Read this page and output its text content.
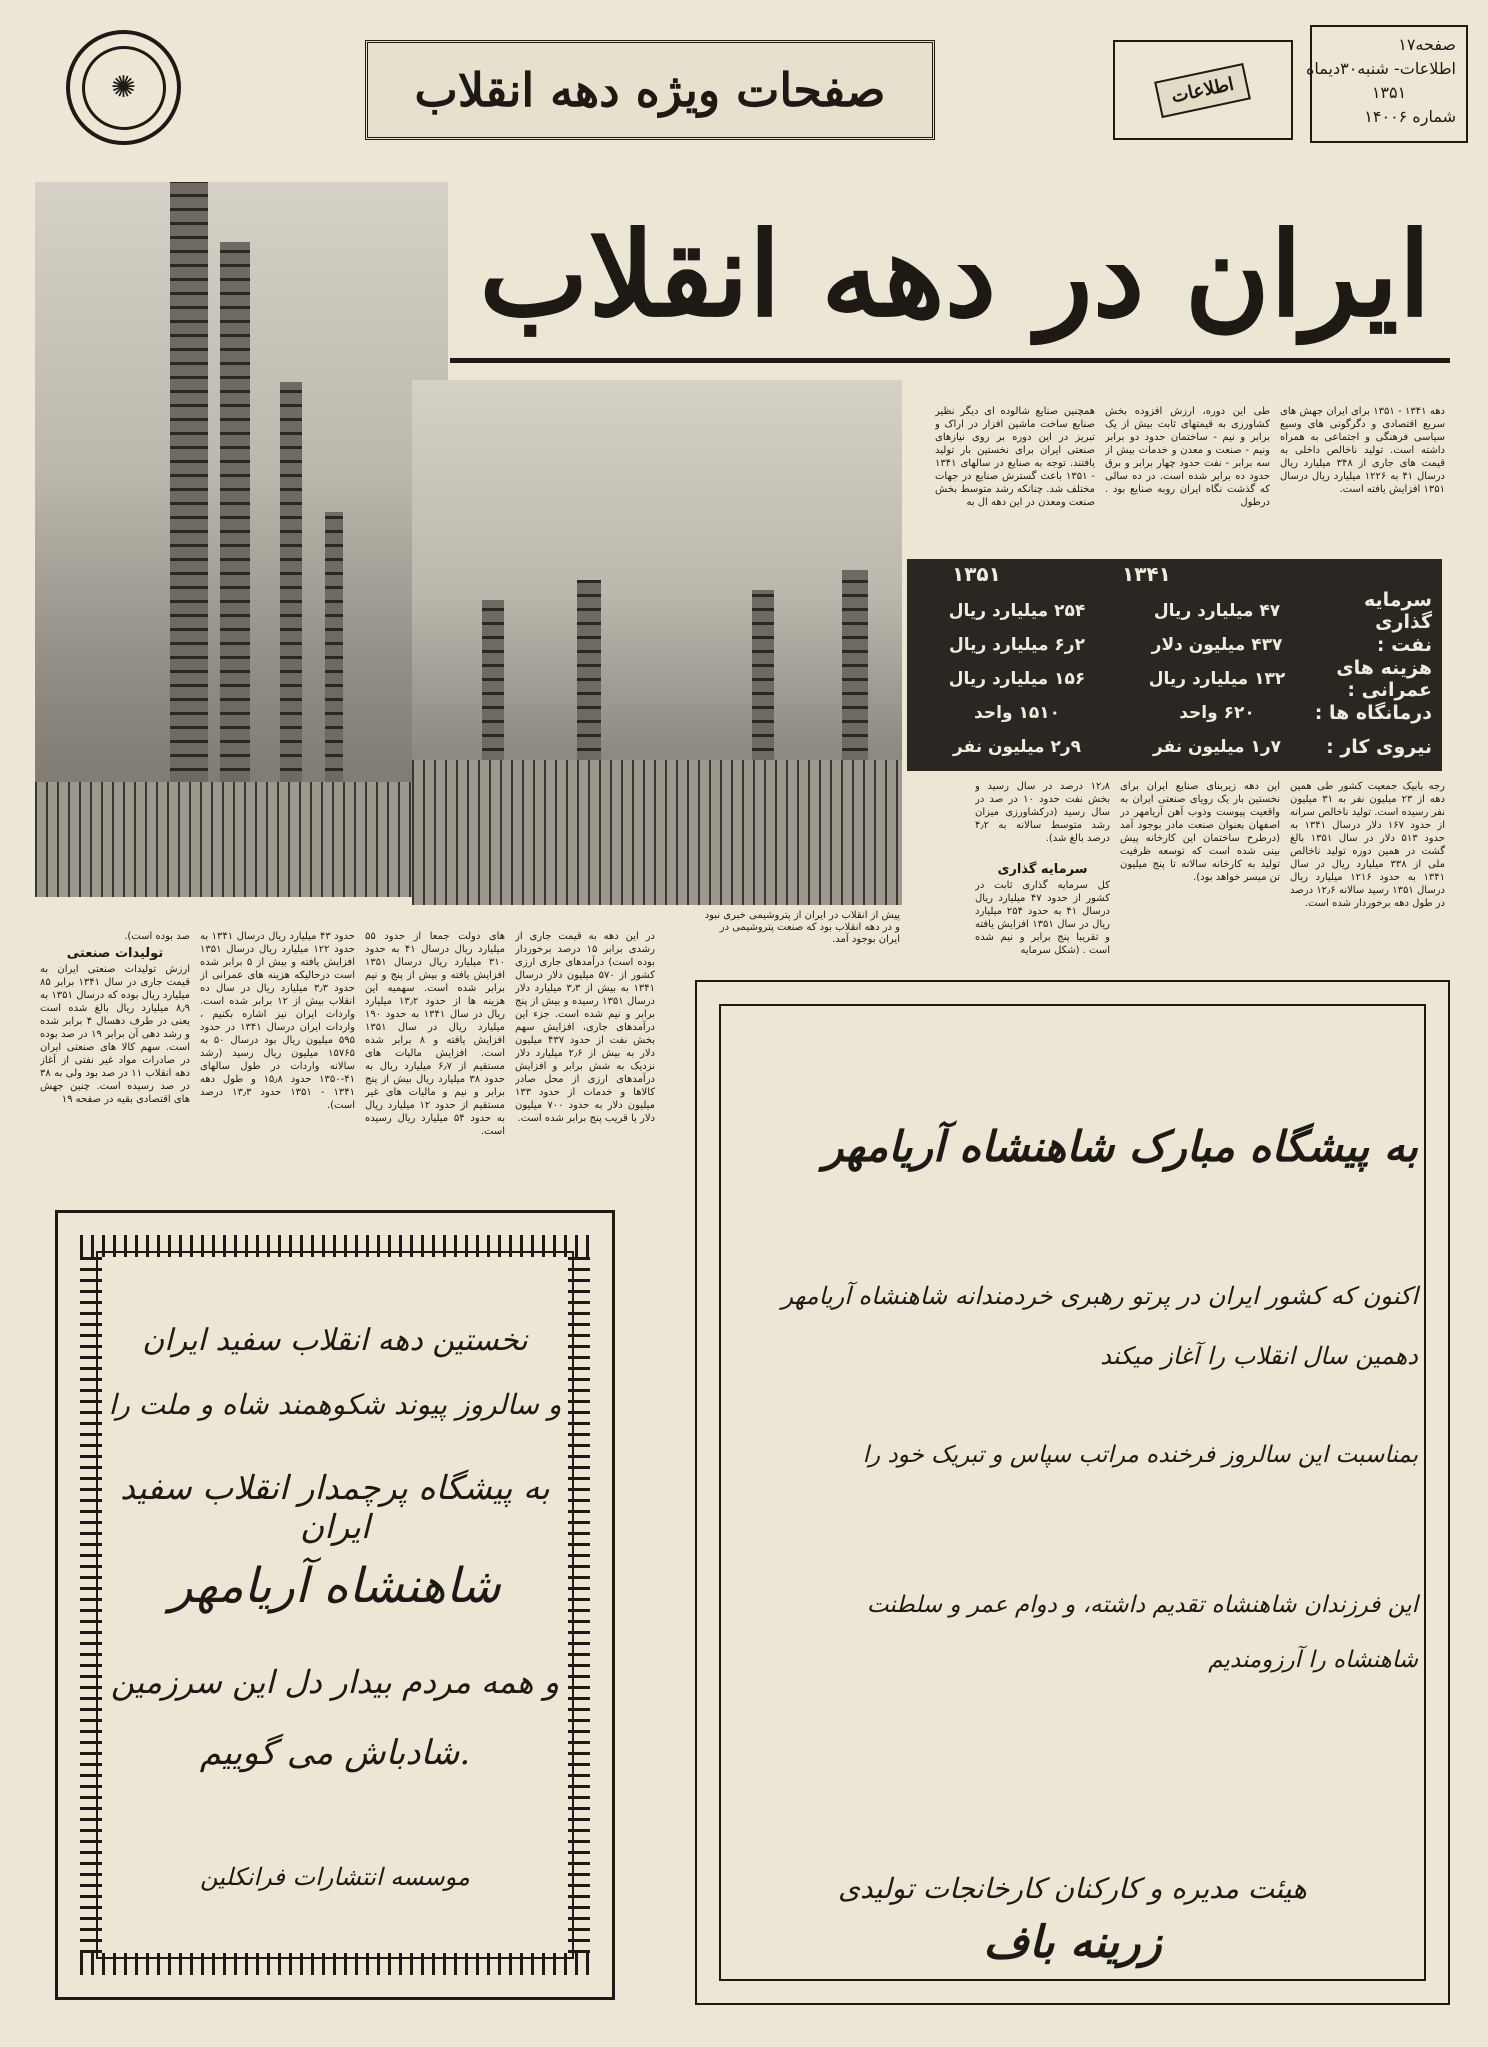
صفحه۱۷
اطلاعات- شنبه۳۰دیماه
۱۳۵۱
شماره ۱۴۰۰۶
اطلاعات
صفحات ویژه دهه انقلاب
✺
ایران در دهه انقلاب
دهه ۱۳۴۱ - ۱۳۵۱ برای ایران جهش های سریع اقتصادی و دگرگونی های وسیع سیاسی فرهنگی و اجتماعی به همراه داشته است. تولید ناخالص داخلی به قیمت های جاری از ۳۴۸ میلیارد ریال درسال ۴۱ به ۱۲۲۶ میلیارد ریال درسال ۱۳۵۱ افزایش یافته است.
طی این دوره، ارزش افزوده بخش کشاورزی به قیمتهای ثابت بیش از یک برابر و نیم - ساختمان حدود دو برابر ونیم - صنعت و معدن و خدمات بیش از سه برابر - نفت حدود چهار برابر و برق حدود ده برابر شده است. در ده سالی که گذشت نگاه ایران روبه صنایع بود . درطول
همچنین صنایع شالوده ای دیگر نظیر صنایع ساخت ماشین افزار در اراک و تبریز در این دوره بر روی نیازهای صنعتی ایران برای نخستین بار تولید یافتند. توجه به صنایع در سالهای ۱۳۴۱ - ۱۳۵۱ باعث گسترش صنایع در جهات مختلف شد. چنانکه رشد متوسط بخش صنعت ومعدن در این دهه ال به
۱۳۴۱
۱۳۵۱
سرمایه گذاری
۴۷ میلیارد ریال
۲۵۴ میلیارد ریال
نفت :
۴۳۷ میلیون دلار
۲ر۶ میلیارد ریال
هزینه های عمرانی :
۱۳۲ میلیارد ریال
۱۵۶ میلیارد ریال
درمانگاه ها :
۶۲۰ واحد
۱۵۱۰ واحد
نیروی کار :
۷ر۱ میلیون نفر
۹ر۲ میلیون نفر
رجه بابیک جمعیت کشور طی همین دهه از ۲۳ میلیون نفر به ۳۱ میلیون نفر رسیده است. تولید ناخالص سرانه از حدود ۱۶۷ دلار درسال ۱۳۴۱ به حدود ۵۱۳ دلار در سال ۱۳۵۱ بالغ گشت در همین دوره تولید ناخالص ملی از ۳۳۸ میلیارد ریال در سال ۱۳۴۱ به حدود ۱۲۱۶ میلیارد ریال درسال ۱۳۵۱ رسید سالانه ۱۲٫۶ درصد در طول دهه برخوردار شده است.
این دهه زیربنای صنایع ایران برای نخستین بار یک رویای صنعتی ایران به واقعیت پیوست وذوب آهن آریامهر در اصفهان بعنوان صنعت مادر بوجود آمد (درطرح ساختمان این کارخانه پیش بینی شده است که توسعه ظرفیت تولید به کارخانه سالانه تا پنج میلیون تن میسر خواهد بود).
۱۲٫۸ درصد در سال رسید و بخش نفت حدود ۱۰ در صد در سال رسید (درکشاورزی میزان رشد متوسط سالانه به ۴٫۲ درصد بالغ شد).
سرمایه گذاری
کل سرمایه گذاری ثابت در کشور از حدود ۴۷ میلیارد ریال درسال ۴۱ به حدود ۲۵۴ میلیارد ریال در سال ۱۳۵۱ افزایش یافته و تقریبا پنج برابر و نیم شده است . (شکل سرمایه
پیش از انقلاب در ایران از پتروشیمی خبری نبود و در دهه انقلاب بود که صنعت پتروشیمی در ایران بوجود آمد.
در این دهه به قیمت جاری از رشدی برابر ۱۵ درصد برخوردار بوده است) درآمدهای جاری ارزی کشور از ۵۷۰ میلیون دلار درسال ۱۳۴۱ به بیش از ۳٫۳ میلیارد دلار درسال ۱۳۵۱ رسیده و بیش از پنج برابر و نیم شده است. جزء این درآمدهای جاری، افزایش سهم بخش نفت از حدود ۴۳۷ میلیون دلار به بیش از ۲٫۶ میلیارد دلار نزدیک به شش برابر و افزایش درآمدهای ارزی از محل صادر کالاها و خدمات از حدود ۱۳۳ میلیون دلار به حدود ۷۰۰ میلیون دلار یا قریب پنج برابر شده است.
های دولت جمعا از حدود ۵۵ میلیارد ریال درسال ۴۱ به حدود ۳۱۰ میلیارد ریال درسال ۱۳۵۱ افزایش یافته و بیش از پنج و نیم برابر شده است. سهمیه این هزینه ها از حدود ۱۳٫۲ میلیارد ریال در سال ۱۳۴۱ به حدود ۱۹۰ میلیارد ریال در سال ۱۳۵۱ افزایش یافته و ۸ برابر شده است. افزایش مالیات های مستقیم از ۶٫۷ میلیارد ریال به حدود ۳۸ میلیارد ریال بیش از پنج برابر و نیم و مالیات های غیر مستقیم از حدود ۱۲ میلیارد ریال به حدود ۵۴ میلیارد ریال رسیده است.
حدود ۴۳ میلیارد ریال درسال ۱۳۴۱ به حدود ۱۲۲ میلیارد ریال درسال ۱۳۵۱ افزایش یافته و بیش از ۵ برابر شده است درحالیکه هزینه های عمرانی از حدود ۳٫۳ میلیارد ریال در سال ده انقلاب بیش از ۱۲ برابر شده است. واردات ایران نیز اشاره بکنیم ، واردات ایران درسال ۱۳۴۱ در حدود ۵۹۵ میلیون ریال بود درسال ۵۰ به ۱۵۷۶۵ میلیون ریال رسید (رشد سالانه واردات در طول سالهای ۴۱-۱۳۵۰ حدود ۱۵٫۸ و طول دهه ۱۳۴۱ - ۱۳۵۱ حدود ۱۳٫۳ درصد است).
صد بوده است).
تولیدات صنعتی
ارزش تولیدات صنعتی ایران به قیمت جاری در سال ۱۳۴۱ برابر ۸۵ میلیارد ریال بوده که درسال ۱۳۵۱ به ۸٫۹ میلیارد ریال بالغ شده است یعنی در طرف دهسال ۴ برابر شده و رشد دهی آن برابر ۱۹ در صد بوده است. سهم کالا های صنعتی ایران در صادرات مواد غیر نفتی از آغاز دهه انقلاب ۱۱ در صد بود ولی به ۳۸ در صد رسیده است. چنین جهش های اقتصادی بقیه در صفحه ۱۹
نخستین دهه انقلاب سفید ایران
و سالروز پیوند شکوهمند شاه و ملت را
به پیشگاه پرچمدار انقلاب سفید ایران
شاهنشاه آریامهر
و همه مردم بیدار دل این سرزمین
شادباش می گوییم.
موسسه انتشارات فرانکلین
به پیشگاه مبارک شاهنشاه آریامهر
اکنون که کشور ایران در پرتو رهبری خردمندانه شاهنشاه آریامهر
دهمین سال انقلاب را آغاز میکند
بمناسبت این سالروز فرخنده مراتب سپاس و تبریک خود را
این فرزندان شاهنشاه تقدیم داشته، و دوام عمر و سلطنت
شاهنشاه را آرزومندیم
هیئت مدیره و کارکنان کارخانجات تولیدی
زرینه باف
